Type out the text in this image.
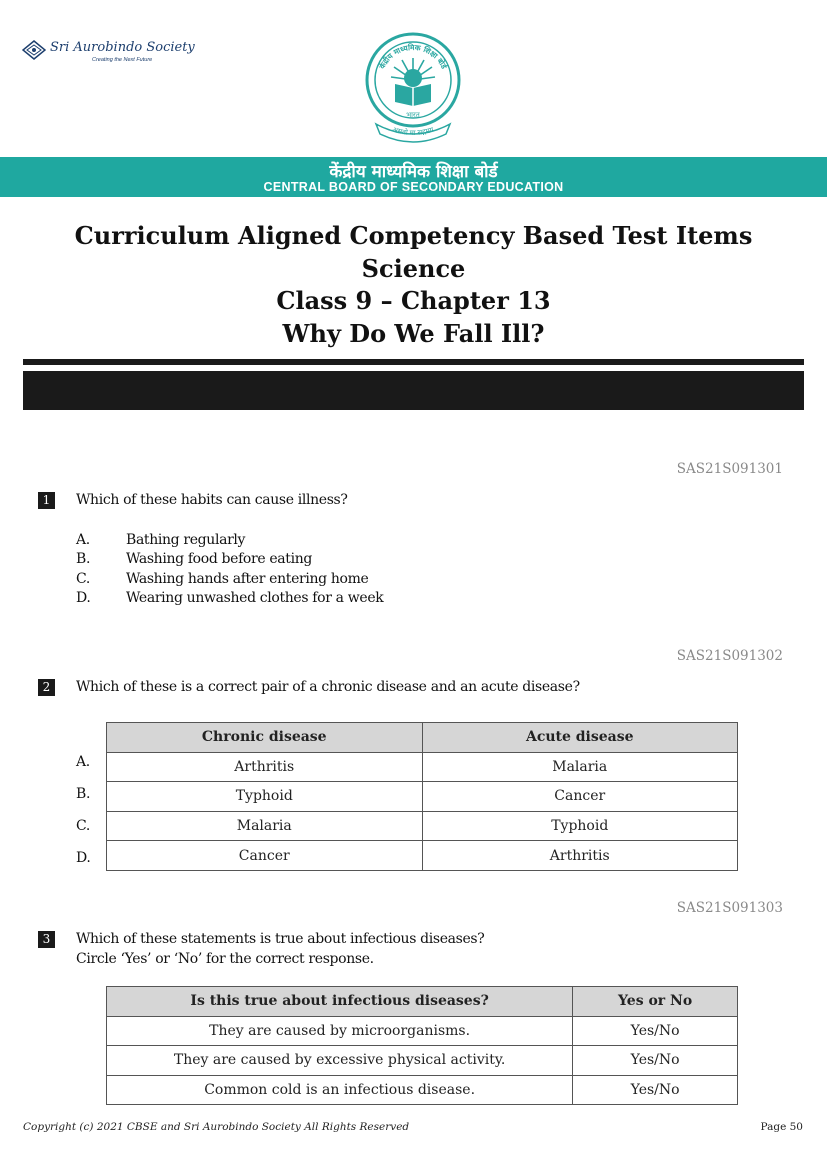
Sri Aurobindo Society
Creating the Next Future
केंद्रीय माध्यमिक शिक्षा बोर्ड
भारत
असतो मा सद्गमय
केंद्रीय माध्यमिक शिक्षा बोर्ड
CENTRAL BOARD OF SECONDARY EDUCATION
Curriculum Aligned Competency Based Test Items
Science
Class 9 – Chapter 13
Why Do We Fall Ill?
SAS21S091301
1	Which of these habits can cause illness?
A.	Bathing regularly
B.	Washing food before eating
C.	Washing hands after entering home
D.	Wearing unwashed clothes for a week
SAS21S091302
2	Which of these is a correct pair of a chronic disease and an acute disease?
A.
B.
C.
D.
Chronic disease	Acute disease
Arthritis	Malaria
Typhoid	Cancer
Malaria	Typhoid
Cancer	Arthritis
SAS21S091303
3	Which of these statements is true about infectious diseases?
Circle ‘Yes’ or ‘No’ for the correct response.
Is this true about infectious diseases?	Yes or No
They are caused by microorganisms.	Yes/No
They are caused by excessive physical activity.	Yes/No
Common cold is an infectious disease.	Yes/No
Copyright (c) 2021 CBSE and Sri Aurobindo Society All Rights Reserved	Page 50
